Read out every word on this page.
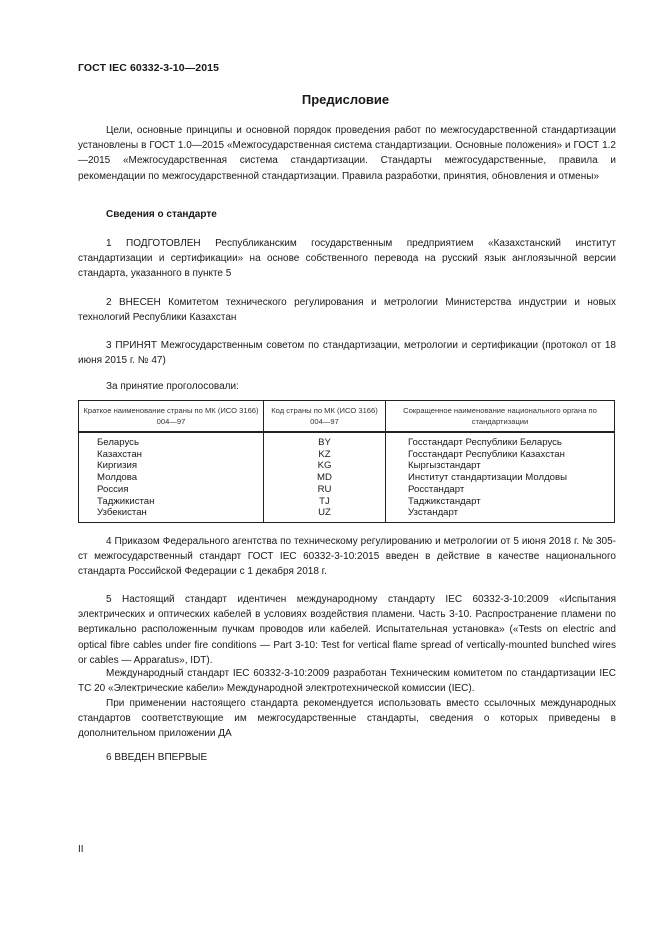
ГОСТ IEC 60332-3-10—2015
Предисловие
Цели, основные принципы и основной порядок проведения работ по межгосударственной стандартизации установлены в ГОСТ 1.0—2015 «Межгосударственная система стандартизации. Основные положения» и ГОСТ 1.2—2015 «Межгосударственная система стандартизации. Стандарты межгосударственные, правила и рекомендации по межгосударственной стандартизации. Правила разработки, принятия, обновления и отмены»
Сведения о стандарте
1 ПОДГОТОВЛЕН Республиканским государственным предприятием «Казахстанский институт стандартизации и сертификации» на основе собственного перевода на русский язык англоязычной версии стандарта, указанного в пункте 5
2 ВНЕСЕН Комитетом технического регулирования и метрологии Министерства индустрии и новых технологий Республики Казахстан
3 ПРИНЯТ Межгосударственным советом по стандартизации, метрологии и сертификации (протокол от 18 июня 2015 г. № 47)
За принятие проголосовали:
Краткое наименование страны по МК (ИСО 3166) 004—97	Код страны по МК (ИСО 3166) 004—97	Сокращенное наименование национального органа по стандартизации
Беларусь	BY	Госстандарт Республики Беларусь
Казахстан	KZ	Госстандарт Республики Казахстан
Киргизия	KG	Кыргызстандарт
Молдова	MD	Институт стандартизации Молдовы
Россия	RU	Росстандарт
Таджикистан	TJ	Таджикстандарт
Узбекистан	UZ	Узстандарт
4 Приказом Федерального агентства по техническому регулированию и метрологии от 5 июня 2018 г. № 305-ст межгосударственный стандарт ГОСТ IEC 60332-3-10:2015 введен в действие в качестве национального стандарта Российской Федерации с 1 декабря 2018 г.
5 Настоящий стандарт идентичен международному стандарту IEC 60332-3-10:2009 «Испытания электрических и оптических кабелей в условиях воздействия пламени. Часть 3-10. Распространение пламени по вертикально расположенным пучкам проводов или кабелей. Испытательная установка» («Tests on electric and optical fibre cables under fire conditions — Part 3-10: Test for vertical flame spread of vertically-mounted bunched wires or cables — Apparatus», IDT).
Международный стандарт IEC 60332-3-10:2009 разработан Техническим комитетом по стандартизации IEC TC 20 «Электрические кабели» Международной электротехнической комиссии (IEC).
При применении настоящего стандарта рекомендуется использовать вместо ссылочных международных стандартов соответствующие им межгосударственные стандарты, сведения о которых приведены в дополнительном приложении ДА
6 ВВЕДЕН ВПЕРВЫЕ
II
